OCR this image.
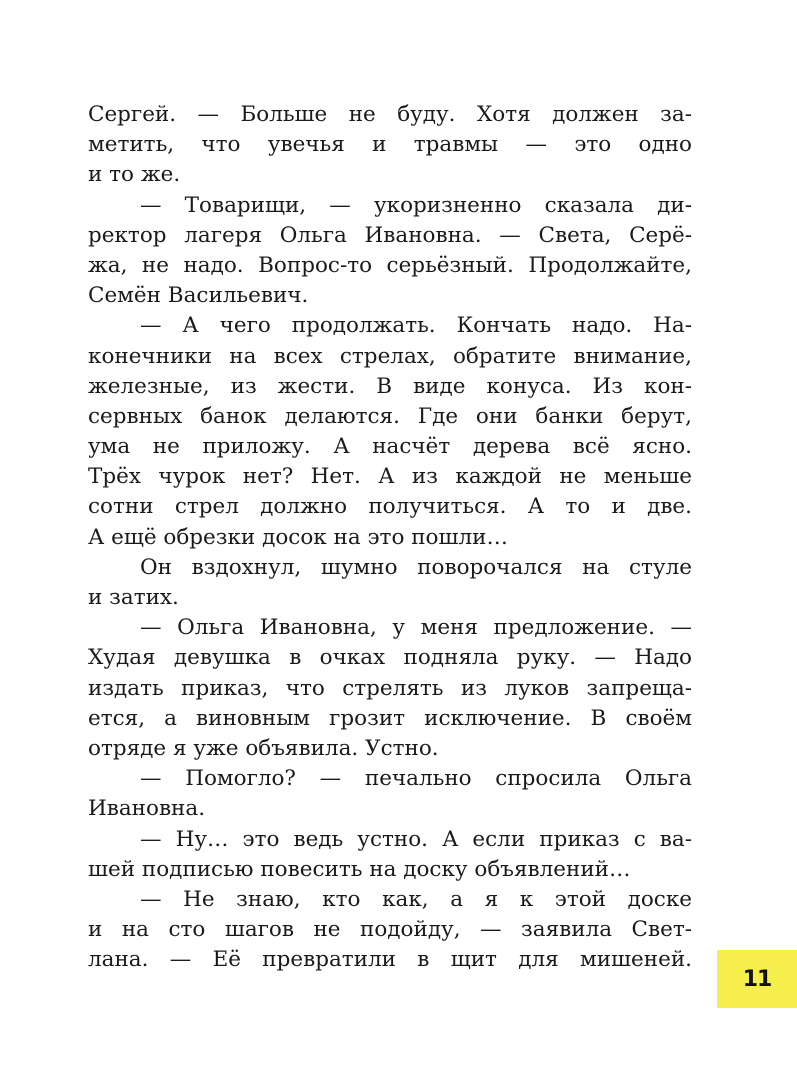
Сергей. — Больше не буду. Хотя должен за-
метить, что увечья и травмы — это одно
и то же.
— Товарищи, — укоризненно сказала ди-
ректор лагеря Ольга Ивановна. — Света, Серё-
жа, не надо. Вопрос-то серьёзный. Продолжайте,
Семён Васильевич.
— А чего продолжать. Кончать надо. На-
конечники на всех стрелах, обратите внимание,
железные, из жести. В виде конуса. Из кон-
сервных банок делаются. Где они банки берут,
ума не приложу. А насчёт дерева всё ясно.
Трёх чурок нет? Нет. А из каждой не меньше
сотни стрел должно получиться. А то и две.
А ещё обрезки досок на это пошли…
Он вздохнул, шумно поворочался на стуле
и затих.
— Ольга Ивановна, у меня предложение. —
Худая девушка в очках подняла руку. — Надо
издать приказ, что стрелять из луков запреща-
ется, а виновным грозит исключение. В своём
отряде я уже объявила. Устно.
— Помогло? — печально спросила Ольга
Ивановна.
— Ну… это ведь устно. А если приказ с ва-
шей подписью повесить на доску объявлений…
— Не знаю, кто как, а я к этой доске
и на сто шагов не подойду, — заявила Свет-
лана. — Её превратили в щит для мишеней.
11
